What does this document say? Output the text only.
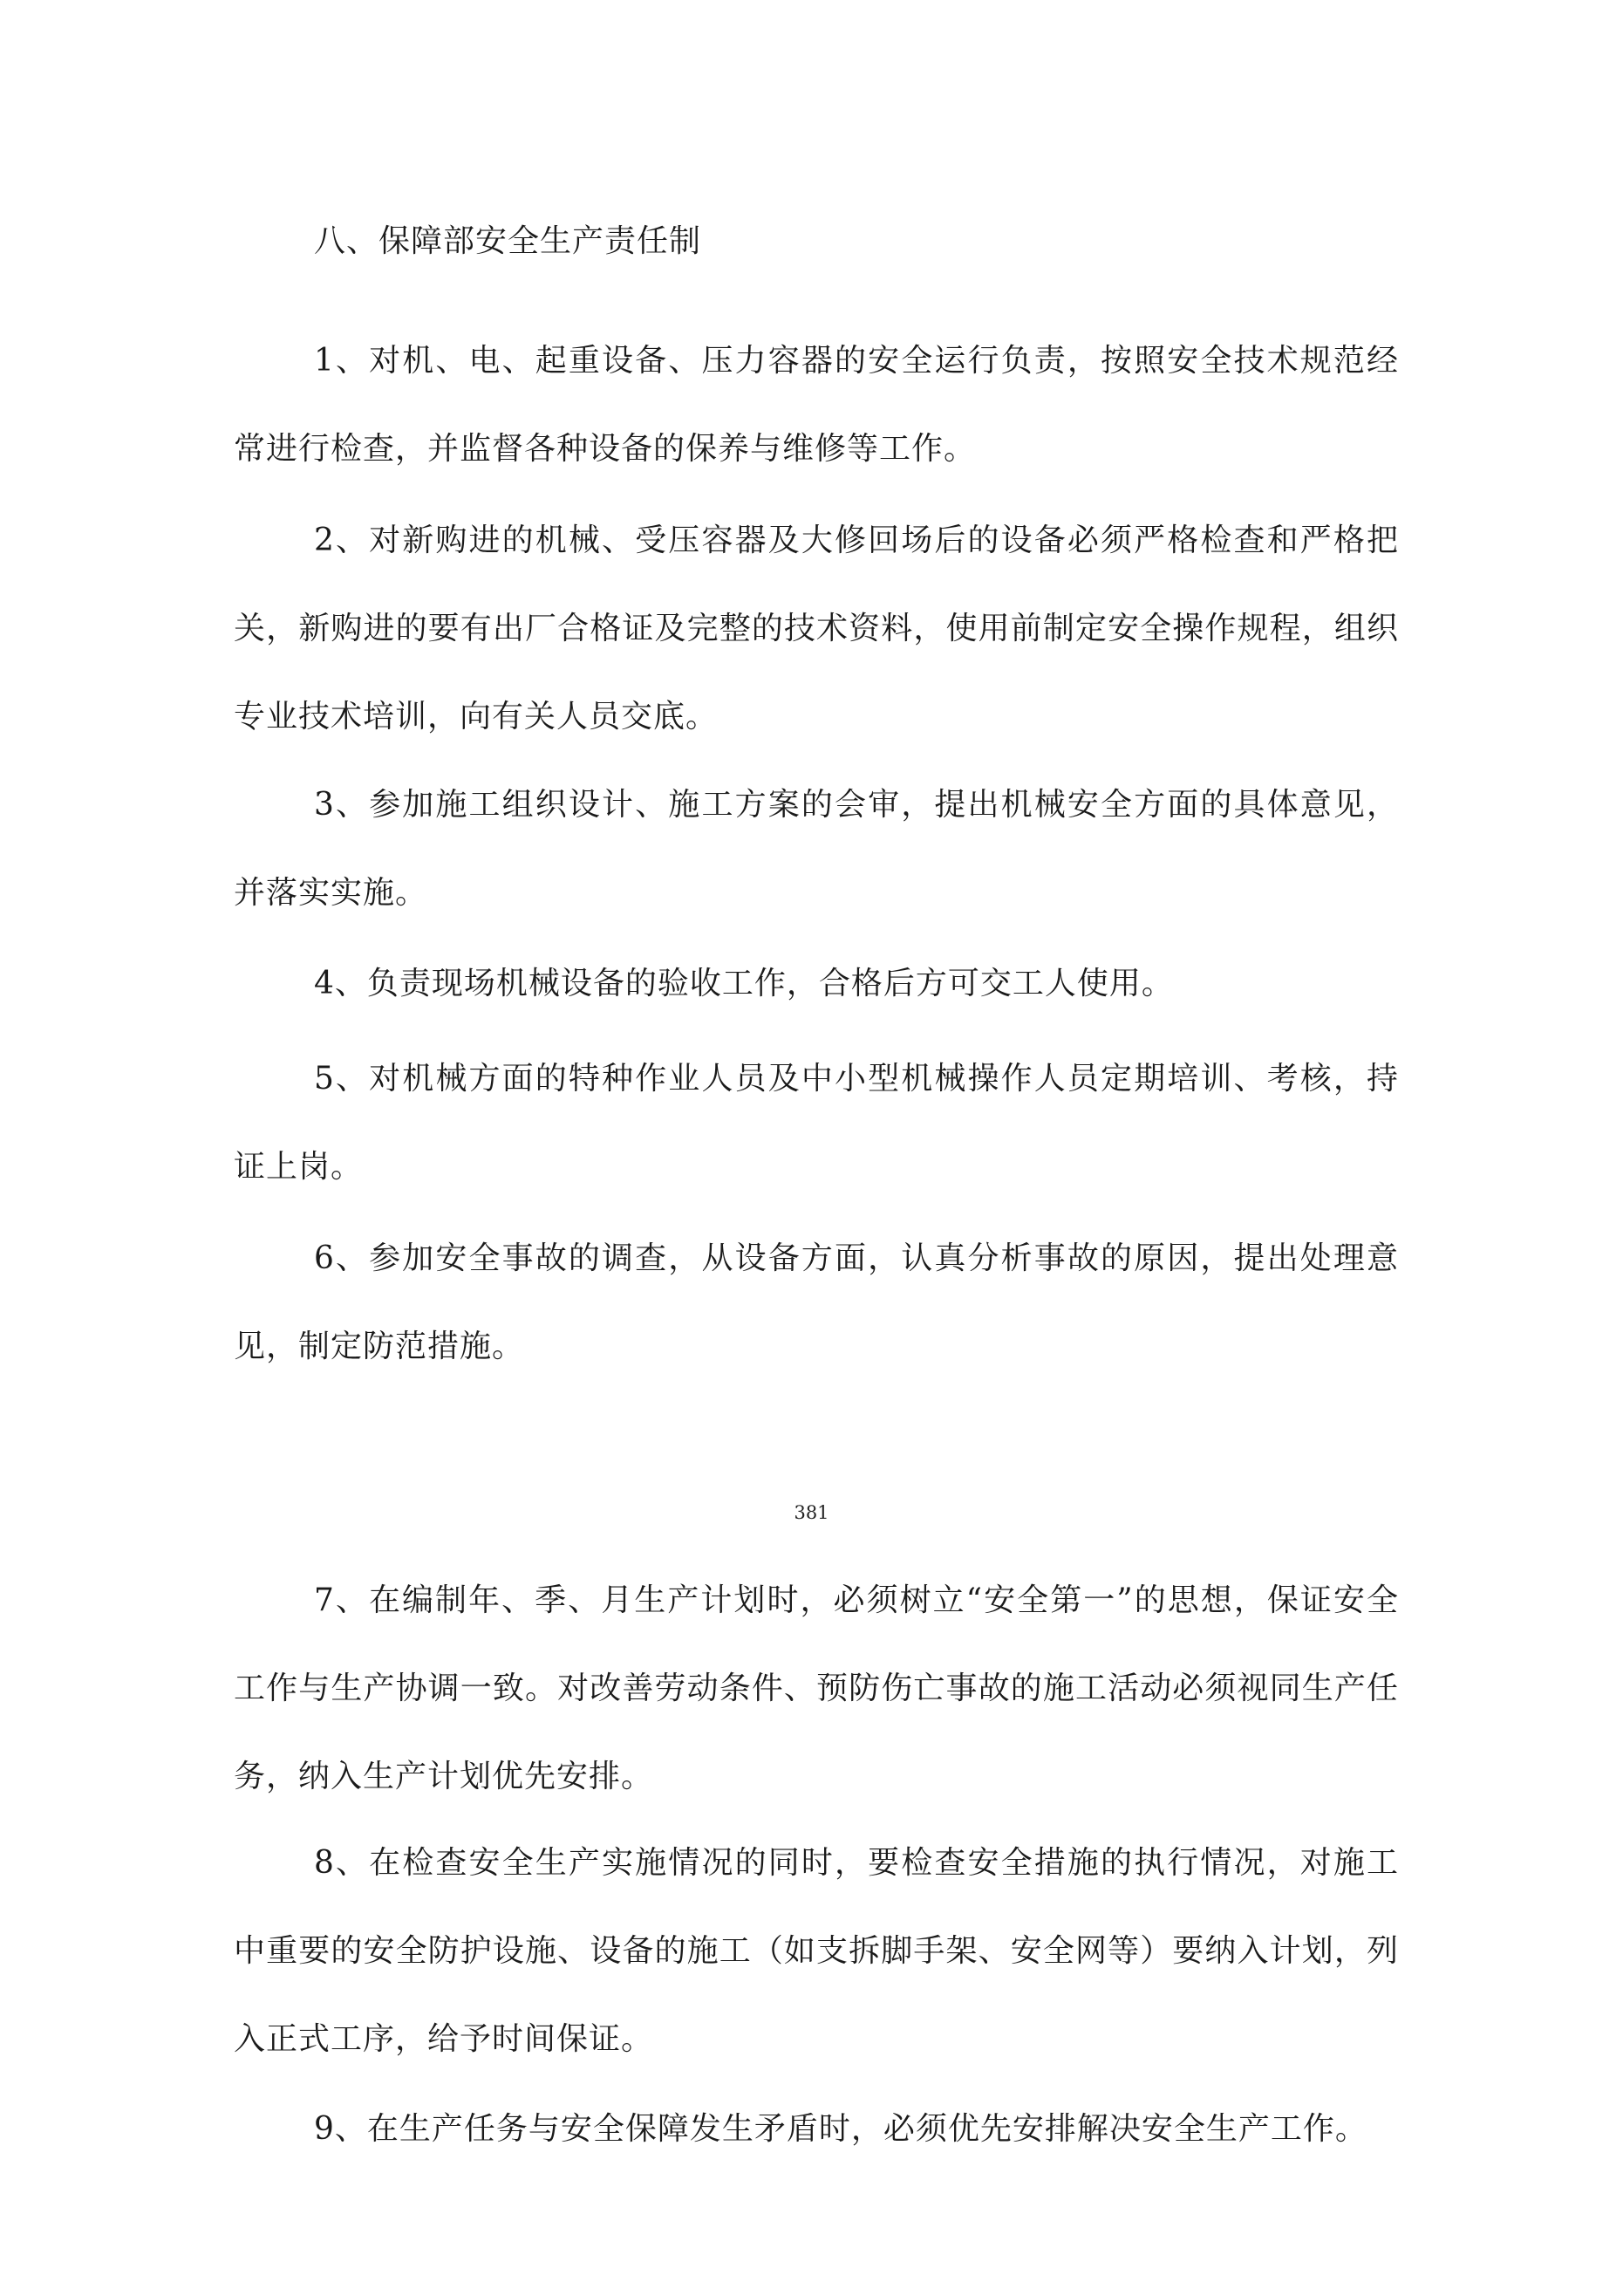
八、保障部安全生产责任制

1、对机、电、起重设备、压力容器的安全运行负责，按照安全技术规范经常进行检查，并监督各种设备的保养与维修等工作。

2、对新购进的机械、受压容器及大修回场后的设备必须严格检查和严格把关，新购进的要有出厂合格证及完整的技术资料，使用前制定安全操作规程，组织专业技术培训，向有关人员交底。

3、参加施工组织设计、施工方案的会审，提出机械安全方面的具体意见，并落实实施。

4、负责现场机械设备的验收工作，合格后方可交工人使用。

5、对机械方面的特种作业人员及中小型机械操作人员定期培训、考核，持证上岗。

6、参加安全事故的调查，从设备方面，认真分析事故的原因，提出处理意见，制定防范措施。

381

7、在编制年、季、月生产计划时，必须树立“安全第一”的思想，保证安全工作与生产协调一致。对改善劳动条件、预防伤亡事故的施工活动必须视同生产任务，纳入生产计划优先安排。

8、在检查安全生产实施情况的同时，要检查安全措施的执行情况，对施工中重要的安全防护设施、设备的施工（如支拆脚手架、安全网等）要纳入计划，列入正式工序，给予时间保证。

9、在生产任务与安全保障发生矛盾时，必须优先安排解决安全生产工作。
